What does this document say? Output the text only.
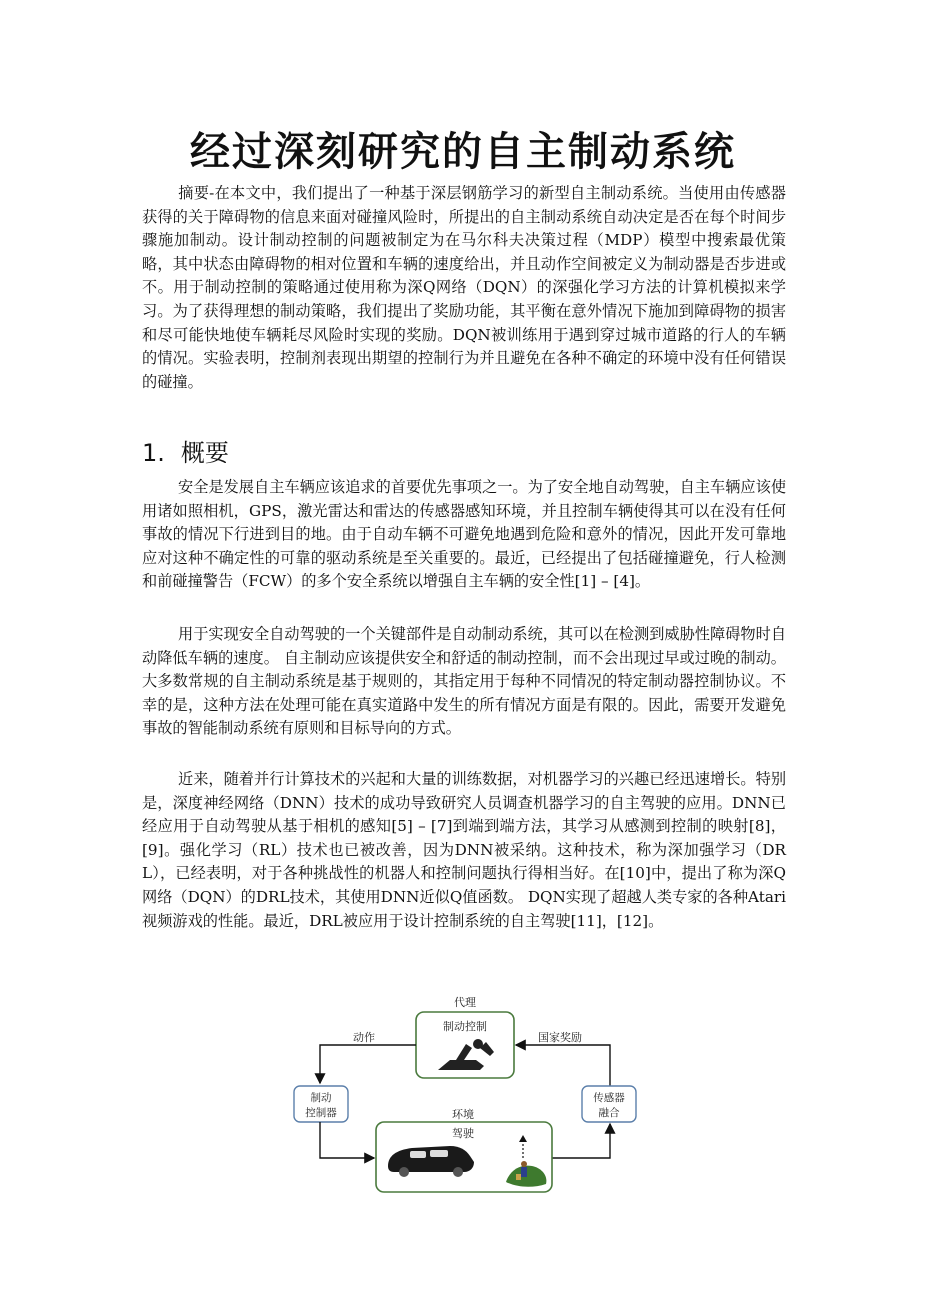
经过深刻研究的自主制动系统

摘要-在本文中，我们提出了一种基于深层钢筋学习的新型自主制动系统。当使用由传感器获得的关于障碍物的信息来面对碰撞风险时，所提出的自主制动系统自动决定是否在每个时间步骤施加制动。设计制动控制的问题被制定为在马尔科夫决策过程（MDP）模型中搜索最优策略，其中状态由障碍物的相对位置和车辆的速度给出，并且动作空间被定义为制动器是否步进或不。用于制动控制的策略通过使用称为深Q网络（DQN）的深强化学习方法的计算机模拟来学习。为了获得理想的制动策略，我们提出了奖励功能，其平衡在意外情况下施加到障碍物的损害和尽可能快地使车辆耗尽风险时实现的奖励。DQN被训练用于遇到穿过城市道路的行人的车辆的情况。实验表明，控制剂表现出期望的控制行为并且避免在各种不确定的环境中没有任何错误的碰撞。

1. 概要

安全是发展自主车辆应该追求的首要优先事项之一。为了安全地自动驾驶，自主车辆应该使用诸如照相机，GPS，激光雷达和雷达的传感器感知环境，并且控制车辆使得其可以在没有任何事故的情况下行进到目的地。由于自动车辆不可避免地遇到危险和意外的情况，因此开发可靠地应对这种不确定性的可靠的驱动系统是至关重要的。最近，已经提出了包括碰撞避免，行人检测和前碰撞警告（FCW）的多个安全系统以增强自主车辆的安全性[1] – [4]。

用于实现安全自动驾驶的一个关键部件是自动制动系统，其可以在检测到威胁性障碍物时自动降低车辆的速度。 自主制动应该提供安全和舒适的制动控制，而不会出现过早或过晚的制动。大多数常规的自主制动系统是基于规则的，其指定用于每种不同情况的特定制动器控制协议。不幸的是，这种方法在处理可能在真实道路中发生的所有情况方面是有限的。因此，需要开发避免事故的智能制动系统有原则和目标导向的方式。

近来，随着并行计算技术的兴起和大量的训练数据，对机器学习的兴趣已经迅速增长。特别是，深度神经网络（DNN）技术的成功导致研究人员调查机器学习的自主驾驶的应用。DNN已经应用于自动驾驶从基于相机的感知[5] – [7]到端到端方法，其学习从感测到控制的映射[8]，[9]。强化学习（RL）技术也已被改善，因为DNN被采纳。这种技术，称为深加强学习（DRL），已经表明，对于各种挑战性的机器人和控制问题执行得相当好。在[10]中，提出了称为深Q网络（DQN）的DRL技术，其使用DNN近似Q值函数。 DQN实现了超越人类专家的各种Atari视频游戏的性能。最近，DRL被应用于设计控制系统的自主驾驶[11]，[12]。

代理
制动控制
动作	国家奖励
制动
控制器
传感器
融合
环境
驾驶
